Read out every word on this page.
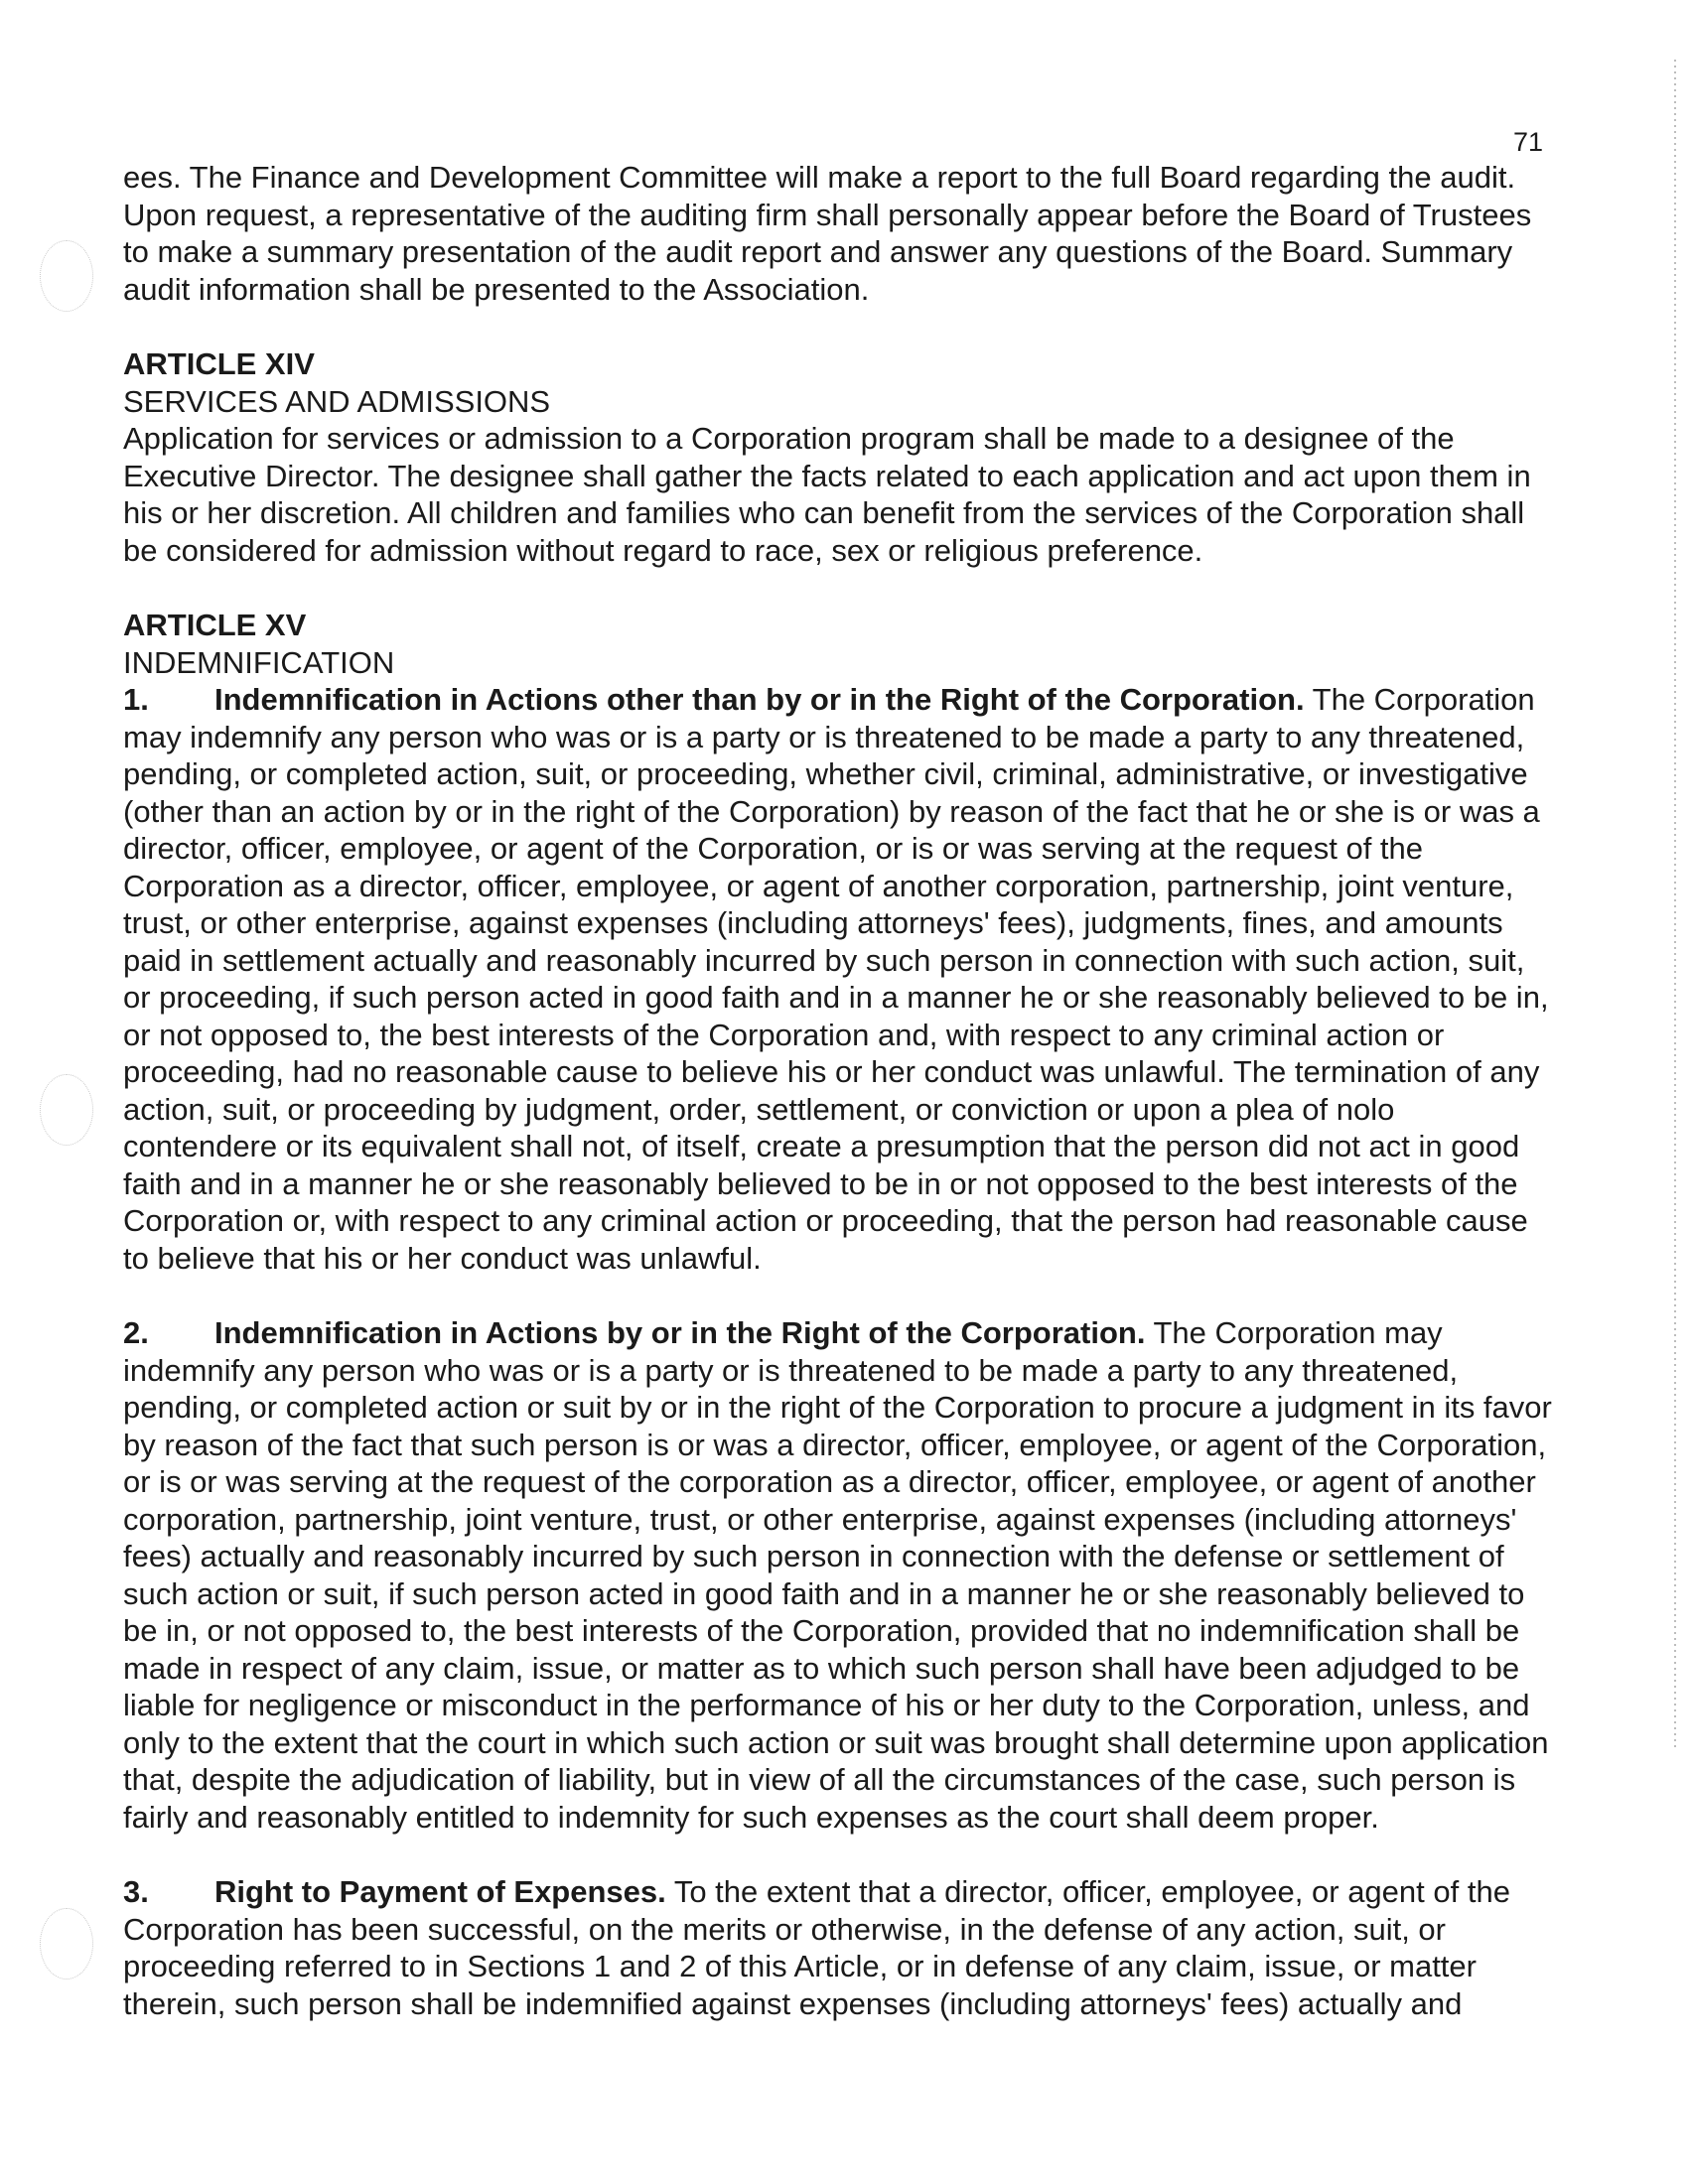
71

ees. The Finance and Development Committee will make a report to the full Board regarding the audit. Upon request, a representative of the auditing firm shall personally appear before the Board of Trustees to make a summary presentation of the audit report and answer any questions of the Board. Summary audit information shall be presented to the Association.

ARTICLE XIV

SERVICES AND ADMISSIONS

Application for services or admission to a Corporation program shall be made to a designee of the Executive Director. The designee shall gather the facts related to each application and act upon them in his or her discretion. All children and families who can benefit from the services of the Corporation shall be considered for admission without regard to race, sex or religious preference.

ARTICLE XV

INDEMNIFICATION

1. Indemnification in Actions other than by or in the Right of the Corporation. The Corporation may indemnify any person who was or is a party or is threatened to be made a party to any threatened, pending, or completed action, suit, or proceeding, whether civil, criminal, administrative, or investigative (other than an action by or in the right of the Corporation) by reason of the fact that he or she is or was a director, officer, employee, or agent of the Corporation, or is or was serving at the request of the Corporation as a director, officer, employee, or agent of another corporation, partnership, joint venture, trust, or other enterprise, against expenses (including attorneys' fees), judgments, fines, and amounts paid in settlement actually and reasonably incurred by such person in connection with such action, suit, or proceeding, if such person acted in good faith and in a manner he or she reasonably believed to be in, or not opposed to, the best interests of the Corporation and, with respect to any criminal action or proceeding, had no reasonable cause to believe his or her conduct was unlawful. The termination of any action, suit, or proceeding by judgment, order, settlement, or conviction or upon a plea of nolo contendere or its equivalent shall not, of itself, create a presumption that the person did not act in good faith and in a manner he or she reasonably believed to be in or not opposed to the best interests of the Corporation or, with respect to any criminal action or proceeding, that the person had reasonable cause to believe that his or her conduct was unlawful.

2. Indemnification in Actions by or in the Right of the Corporation. The Corporation may indemnify any person who was or is a party or is threatened to be made a party to any threatened, pending, or completed action or suit by or in the right of the Corporation to procure a judgment in its favor by reason of the fact that such person is or was a director, officer, employee, or agent of the Corporation, or is or was serving at the request of the corporation as a director, officer, employee, or agent of another corporation, partnership, joint venture, trust, or other enterprise, against expenses (including attorneys' fees) actually and reasonably incurred by such person in connection with the defense or settlement of such action or suit, if such person acted in good faith and in a manner he or she reasonably believed to be in, or not opposed to, the best interests of the Corporation, provided that no indemnification shall be made in respect of any claim, issue, or matter as to which such person shall have been adjudged to be liable for negligence or misconduct in the performance of his or her duty to the Corporation, unless, and only to the extent that the court in which such action or suit was brought shall determine upon application that, despite the adjudication of liability, but in view of all the circumstances of the case, such person is fairly and reasonably entitled to indemnity for such expenses as the court shall deem proper.

3. Right to Payment of Expenses. To the extent that a director, officer, employee, or agent of the Corporation has been successful, on the merits or otherwise, in the defense of any action, suit, or proceeding referred to in Sections 1 and 2 of this Article, or in defense of any claim, issue, or matter therein, such person shall be indemnified against expenses (including attorneys' fees) actually and
